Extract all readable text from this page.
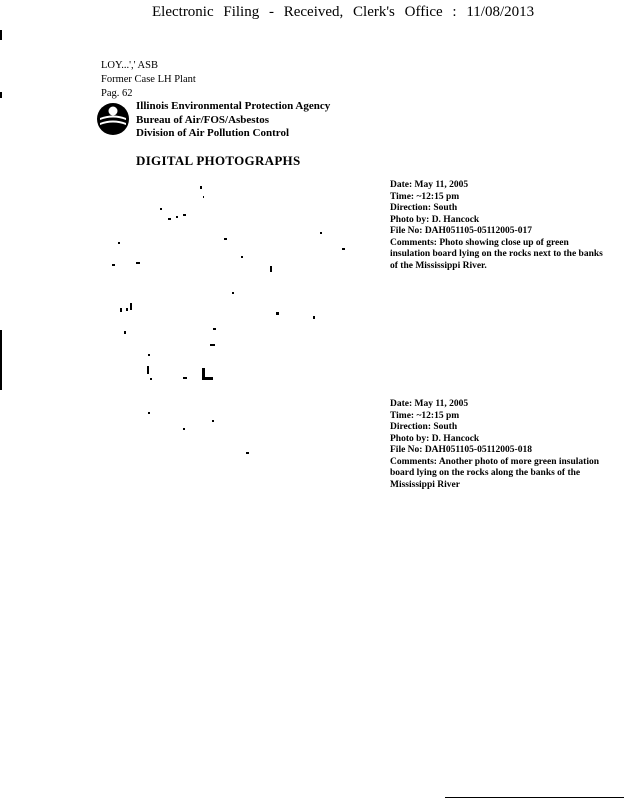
Electronic Filing - Received, Clerk's Office : 11/08/2013
LOY...',' ASB
Former Case LH Plant
Pag. 62
Illinois Environmental Protection Agency
Bureau of Air/FOS/Asbestos
Division of Air Pollution Control
DIGITAL PHOTOGRAPHS
Date: May 11, 2005
Time: ~12:15 pm
Direction: South
Photo by: D. Hancock
File No: DAH051105-05112005-017
Comments: Photo showing close up of green insulation board lying on the rocks next to the banks of the Mississippi River.
Date: May 11, 2005
Time: ~12:15 pm
Direction: South
Photo by: D. Hancock
File No: DAH051105-05112005-018
Comments: Another photo of more green insulation board lying on the rocks along the banks of the Mississippi River
